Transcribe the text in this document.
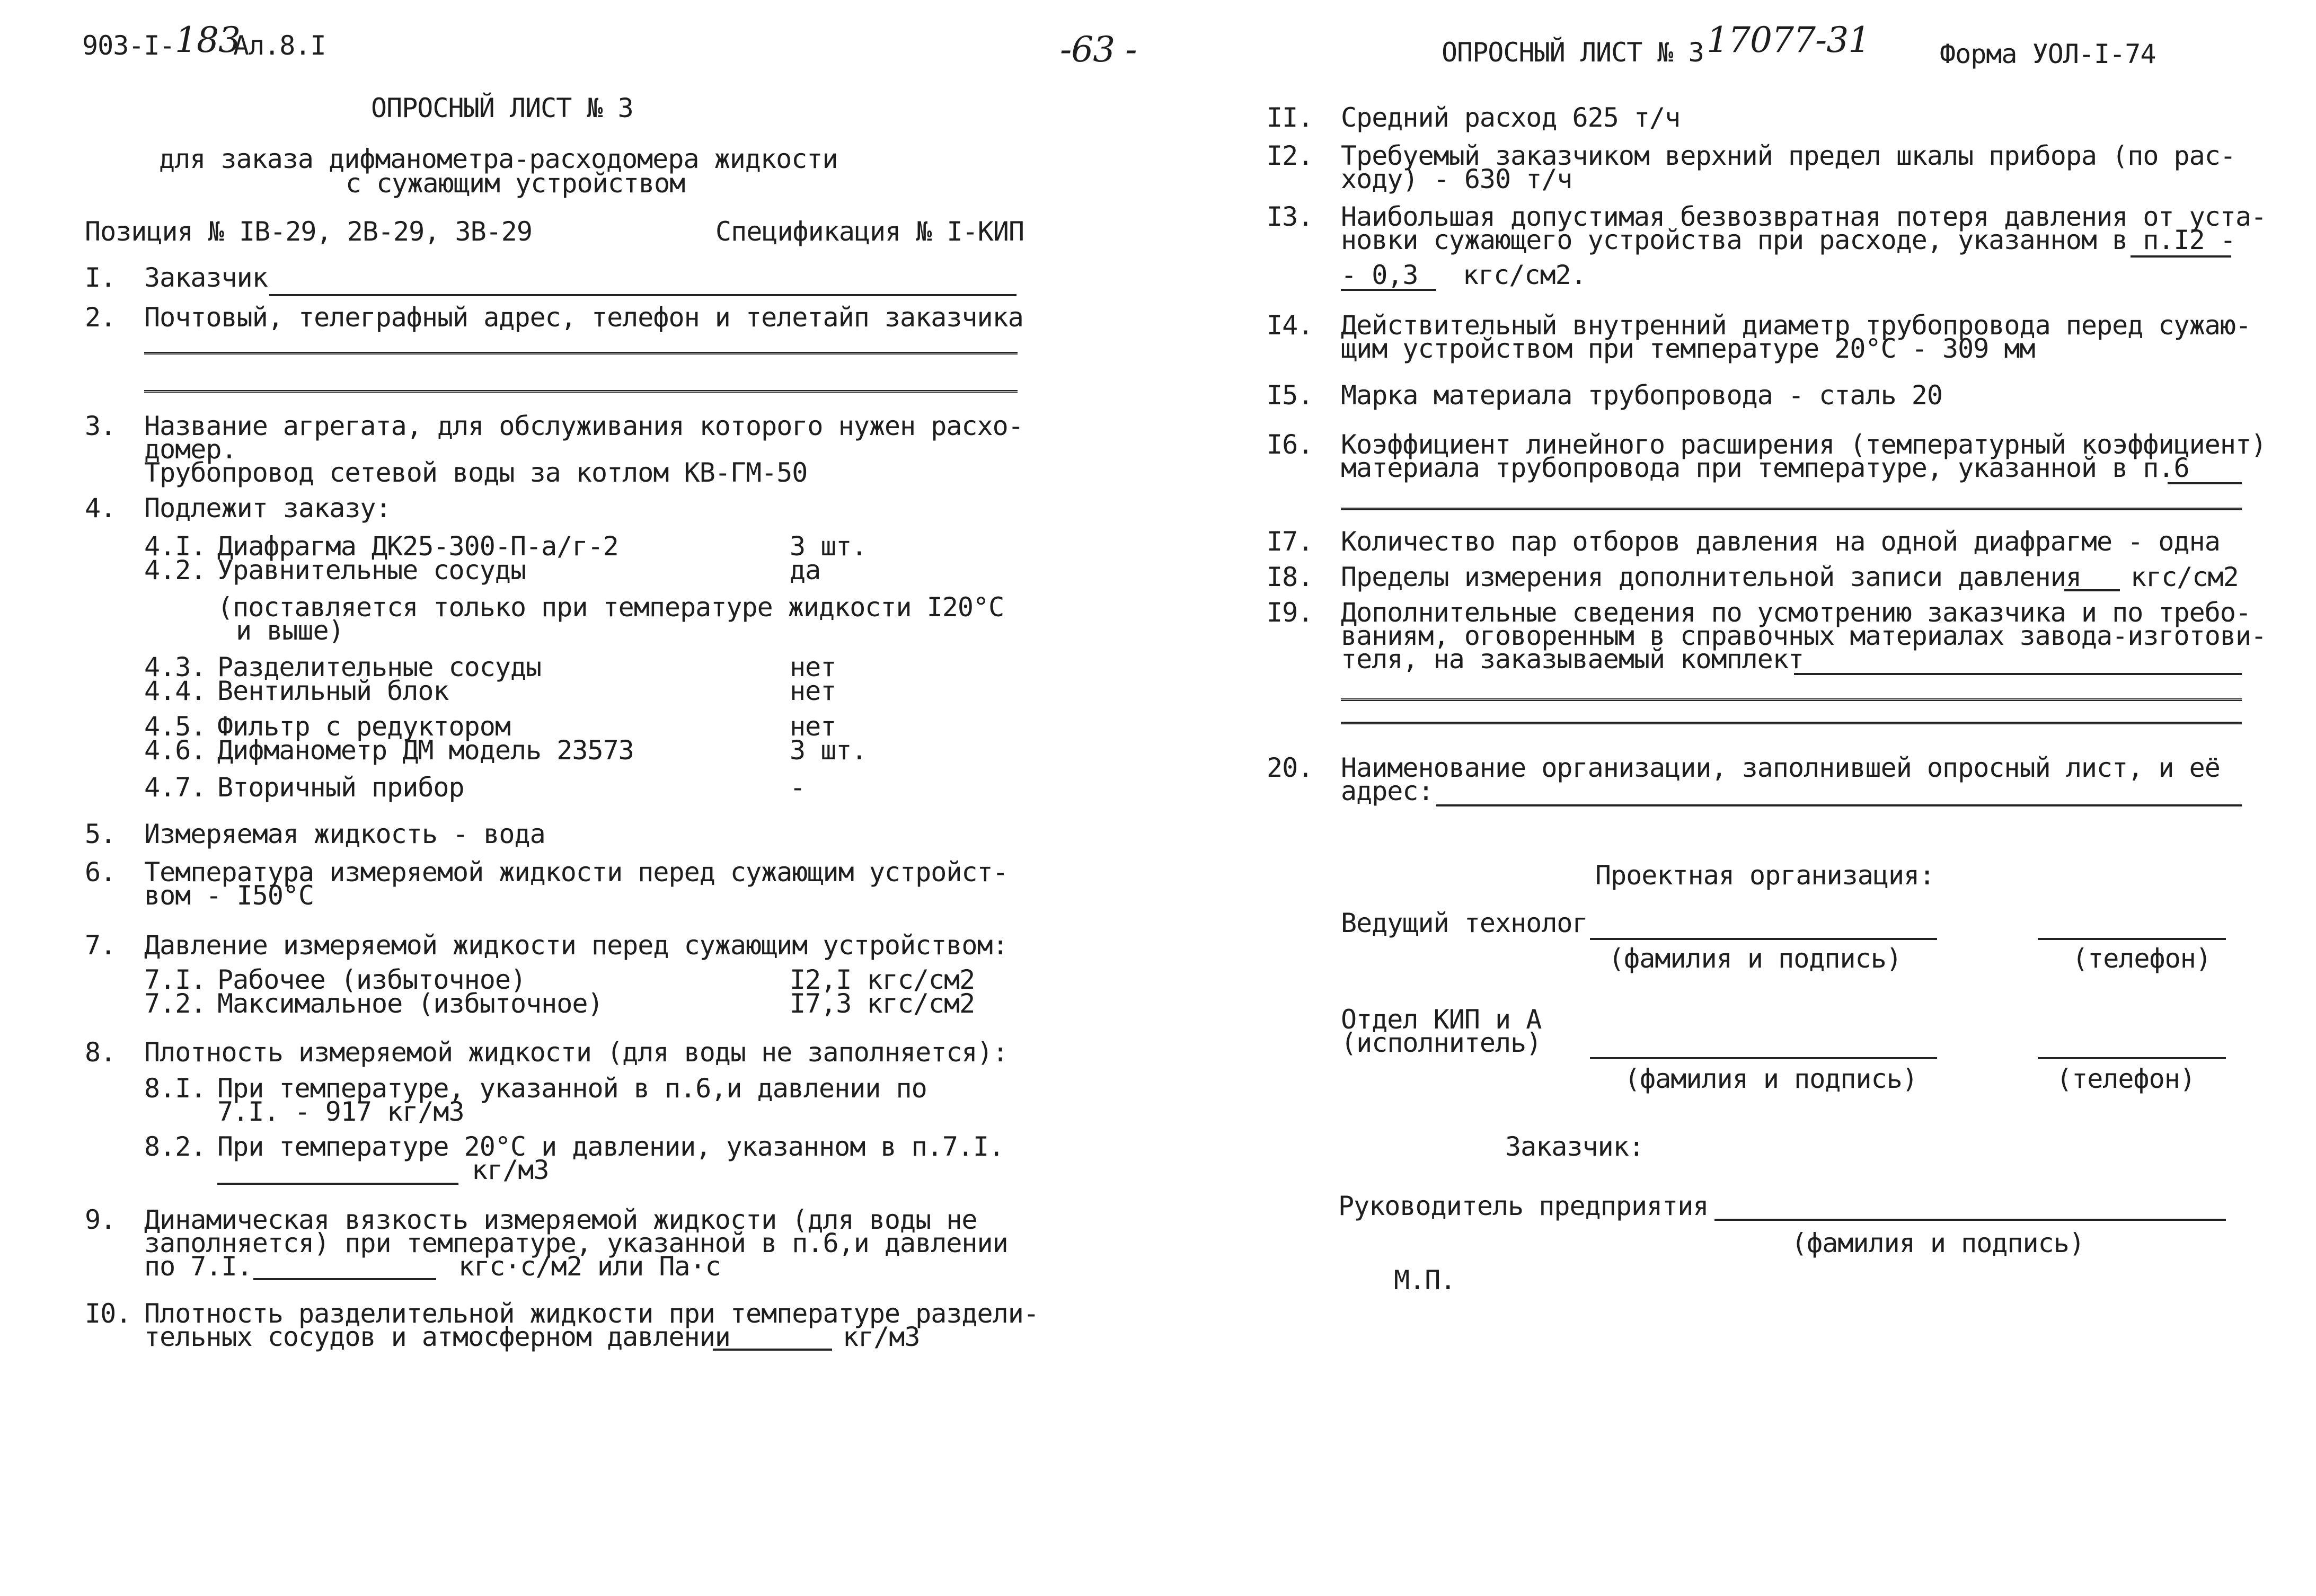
903-I- 183
Ал.8.I	-63 -	ОПРОСНЫЙ ЛИСТ № 3 17077-31	Форма УОЛ-I-74
ОПРОСНЫЙ ЛИСТ № 3
для заказа дифманометра-расходомера жидкости
с сужающим устройством
Позиция № IB-29, 2B-29, 3B-29	Спецификация № I-КИП
I. Заказчик
2. Почтовый, телеграфный адрес, телефон и телетайп заказчика
3. Название агрегата, для обслуживания которого нужен расхо-
домер.
Трубопровод сетевой воды за котлом КВ-ГМ-50
4. Подлежит заказу:
4.I. Диафрагма ДК25-300-П-а/г-2	3 шт.
4.2. Уравнительные сосуды	да
(поставляется только при температуре жидкости I20°С
и выше)
4.3. Разделительные сосуды	нет
4.4. Вентильный блок	нет
4.5. Фильтр с редуктором	нет
4.6. Дифманометр ДМ модель 23573	3 шт.
4.7. Вторичный прибор	-
5. Измеряемая жидкость - вода
6. Температура измеряемой жидкости перед сужающим устройст-
вом - I50°С
7. Давление измеряемой жидкости перед сужающим устройством:
7.I. Рабочее (избыточное)	I2,I кгс/см2
7.2. Максимальное (избыточное)	I7,3 кгс/см2
8. Плотность измеряемой жидкости (для воды не заполняется):
8.I. При температуре, указанной в п.6,и давлении по
7.I. - 917 кг/м3
8.2. При температуре 20°С и давлении, указанном в п.7.I.
кг/м3
9. Динамическая вязкость измеряемой жидкости (для воды не
заполняется) при температуре, указанной в п.6,и давлении
по 7.I.	кгс·с/м2 или Па·с
I0. Плотность разделительной жидкости при температуре раздели-
тельных сосудов и атмосферном давлении	кг/м3
II. Средний расход 625 т/ч
I2. Требуемый заказчиком верхний предел шкалы прибора (по рас-
ходу) - 630 т/ч
I3. Наибольшая допустимая безвозвратная потеря давления от уста-
новки сужающего устройства при расходе, указанном в п.I2 -
- 0,3 кгс/см2.
I4. Действительный внутренний диаметр трубопровода перед сужаю-
щим устройством при температуре 20°С - 309 мм
I5. Марка материала трубопровода - сталь 20
I6. Коэффициент линейного расширения (температурный коэффициент)
материала трубопровода при температуре, указанной в п.6
I7. Количество пар отборов давления на одной диафрагме - одна
I8. Пределы измерения дополнительной записи давления кгс/см2
I9. Дополнительные сведения по усмотрению заказчика и по требо-
ваниям, оговоренным в справочных материалах завода-изготови-
теля, на заказываемый комплект
20. Наименование организации, заполнившей опросный лист, и её
адрес:
Проектная организация:
Ведущий технолог
(фамилия и подпись)	(телефон)
Отдел КИП и А
(исполнитель)
(фамилия и подпись)	(телефон)
Заказчик:
Руководитель предприятия
(фамилия и подпись)
М.П.
